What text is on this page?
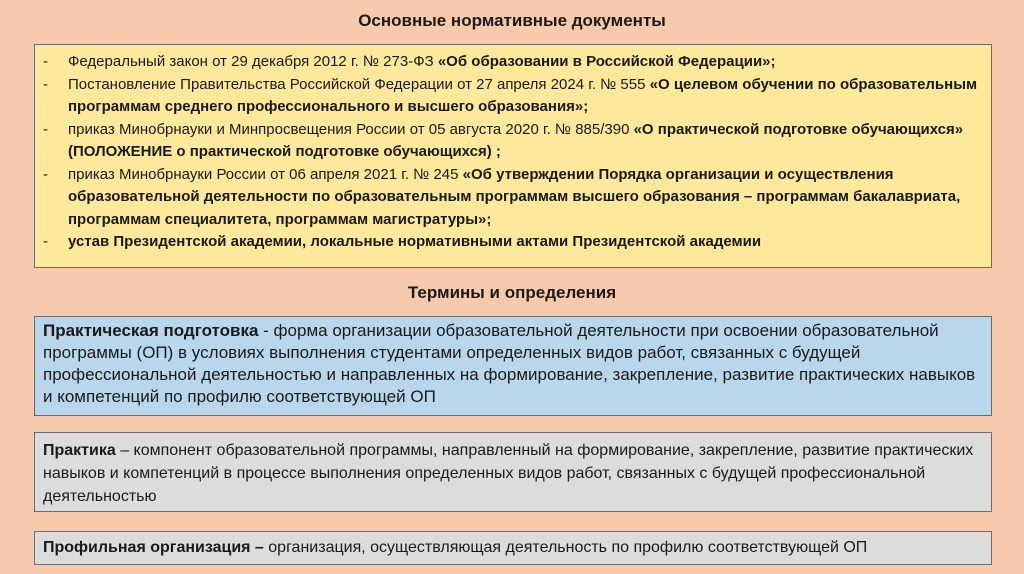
Основные нормативные документы
-	Федеральный закон от 29 декабря 2012 г. № 273-ФЗ «Об образовании в Российской Федерации»;
-	Постановление Правительства Российской Федерации от 27 апреля 2024 г. № 555 «О целевом обучении по образовательным программам среднего профессионального и высшего образования»;
-	приказ Минобрнауки и Минпросвещения России от 05 августа 2020 г. № 885/390 «О практической подготовке обучающихся» (ПОЛОЖЕНИЕ о практической подготовке обучающихся) ;
-	приказ Минобрнауки России от 06 апреля 2021 г. № 245 «Об утверждении Порядка организации и осуществления образовательной деятельности по образовательным программам высшего образования – программам бакалавриата, программам специалитета, программам магистратуры»;
-	устав Президентской академии, локальные нормативными актами Президентской академии
Термины и определения
Практическая подготовка - форма организации образовательной деятельности при освоении образовательной программы (ОП) в условиях выполнения студентами определенных видов работ, связанных с будущей профессиональной деятельностью и направленных на формирование, закрепление, развитие практических навыков и компетенций по профилю соответствующей ОП
Практика – компонент образовательной программы, направленный на формирование, закрепление, развитие практических навыков и компетенций в процессе выполнения определенных видов работ, связанных с будущей профессиональной деятельностью
Профильная организация – организация, осуществляющая деятельность по профилю соответствующей ОП
